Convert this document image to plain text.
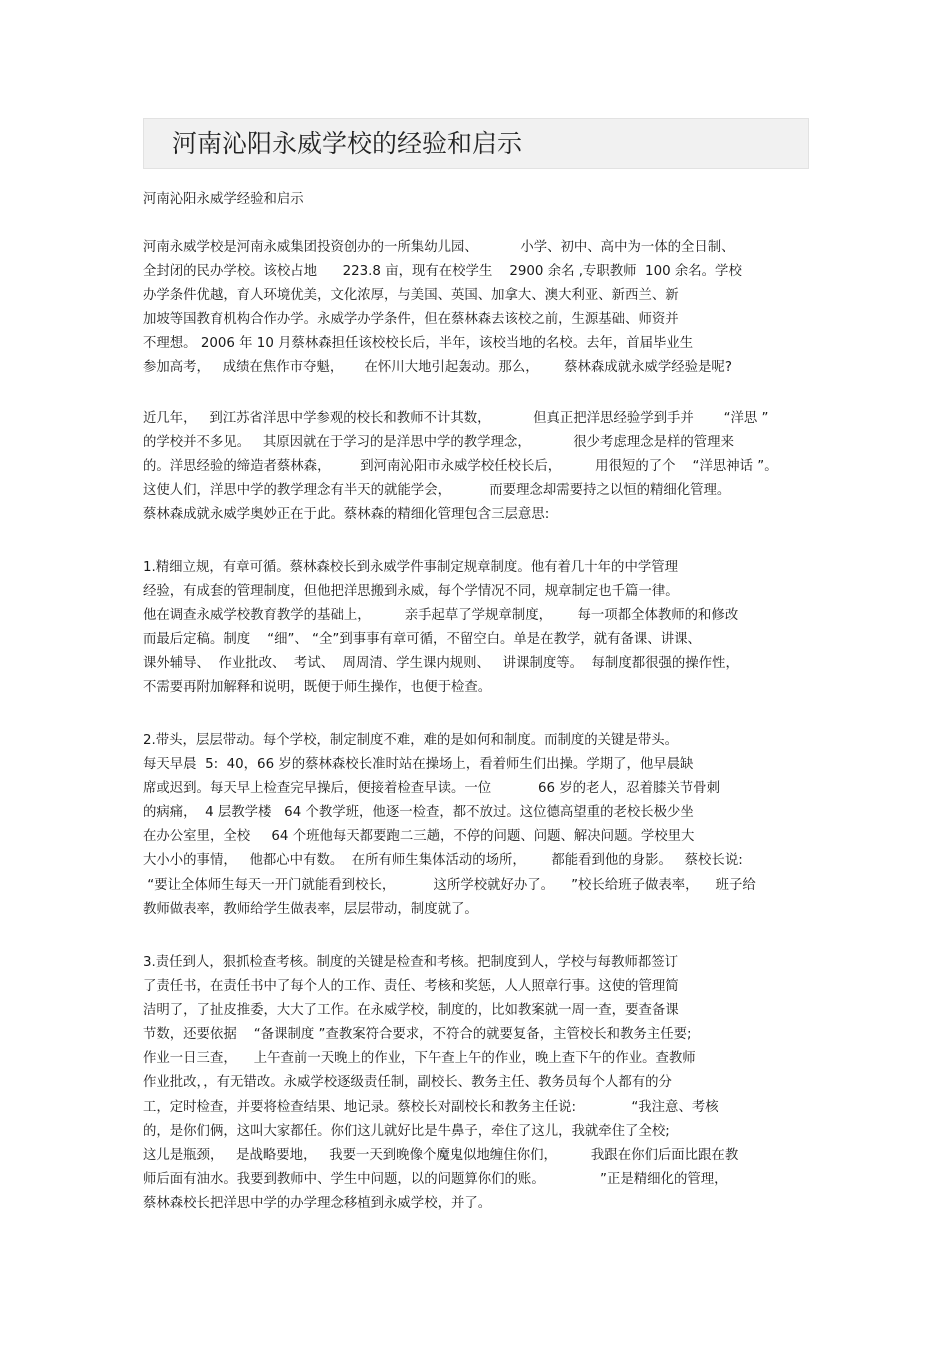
河南沁阳永威学校的经验和启示
河南沁阳永威学经验和启示
河南永威学校是河南永威集团投资创办的一所集幼儿园、          小学、初中、高中为一体的全日制、
全封闭的民办学校。该校占地      223.8 亩，现有在校学生    2900 余名 ,专职教师  100 余名。学校
办学条件优越，育人环境优美，文化浓厚，与美国、英国、加拿大、澳大利亚、新西兰、新
加坡等国教育机构合作办学。永威学办学条件，但在蔡林森去该校之前，生源基础、师资并
不理想。 2006 年 10 月蔡林森担任该校校长后，半年，该校当地的名校。去年，首届毕业生
参加高考，   成绩在焦作市夺魁，     在怀川大地引起轰动。那么，      蔡林森成就永威学经验是呢?
近几年，   到江苏省洋思中学参观的校长和教师不计其数，          但真正把洋思经验学到手并       “洋思 ”
的学校并不多见。   其原因就在于学习的是洋思中学的教学理念，          很少考虑理念是样的管理来
的。洋思经验的缔造者蔡林森，       到河南沁阳市永威学校任校长后，        用很短的了个    “洋思神话 ”。
这使人们，洋思中学的教学理念有半天的就能学会，         而要理念却需要持之以恒的精细化管理。
蔡林森成就永威学奥妙正在于此。蔡林森的精细化管理包含三层意思:
1.精细立规，有章可循。蔡林森校长到永威学件事制定规章制度。他有着几十年的中学管理
经验，有成套的管理制度，但他把洋思搬到永威，每个学情况不同，规章制定也千篇一律。
他在调查永威学校教育教学的基础上，        亲手起草了学规章制度，      每一项都全体教师的和修改
而最后定稿。制度    “细”、 “全”到事事有章可循，不留空白。单是在教学，就有备课、讲课、
课外辅导、  作业批改、  考试、  周周清、学生课内规则、   讲课制度等。  每制度都很强的操作性，
不需要再附加解释和说明，既便于师生操作，也便于检查。
2.带头，层层带动。每个学校，制定制度不难，难的是如何和制度。而制度的关键是带头。
每天早晨  5:  40，66 岁的蔡林森校长准时站在操场上，看着师生们出操。学期了，他早晨缺
席或迟到。每天早上检查完早操后，便接着检查早读。一位           66 岁的老人，忍着膝关节骨刺
的病痛，  4 层教学楼   64 个教学班，他逐一检查，都不放过。这位德高望重的老校长极少坐
在办公室里，全校     64 个班他每天都要跑二三趟，不停的问题、问题、解决问题。学校里大
大小小的事情，   他都心中有数。  在所有师生集体活动的场所，      都能看到他的身影。   蔡校长说:
“要让全体师生每天一开门就能看到校长，         这所学校就好办了。    ”校长给班子做表率，    班子给
教师做表率，教师给学生做表率，层层带动，制度就了。
3.责任到人，狠抓检查考核。制度的关键是检查和考核。把制度到人，学校与每教师都签订
了责任书，在责任书中了每个人的工作、责任、考核和奖惩，人人照章行事。这使的管理简
洁明了，了扯皮推委，大大了工作。在永威学校，制度的，比如教案就一周一查，要查备课
节数，还要依据    “备课制度 ”查教案符合要求，不符合的就要复备，主管校长和教务主任要;
作业一日三查，    上午查前一天晚上的作业，下午查上午的作业，晚上查下午的作业。查教师
作业批改，，有无错改。永威学校逐级责任制，副校长、教务主任、教务员每个人都有的分
工，定时检查，并要将检查结果、地记录。蔡校长对副校长和教务主任说:             “我注意、考核
的，是你们俩，这叫大家都任。你们这儿就好比是牛鼻子，牵住了这儿，我就牵住了全校;
这儿是瓶颈，   是战略要地，   我要一天到晚像个魔鬼似地缠住你们，        我跟在你们后面比跟在教
师后面有油水。我要到教师中、学生中问题，以的问题算你们的账。             ”正是精细化的管理，
蔡林森校长把洋思中学的办学理念移植到永威学校，并了。
